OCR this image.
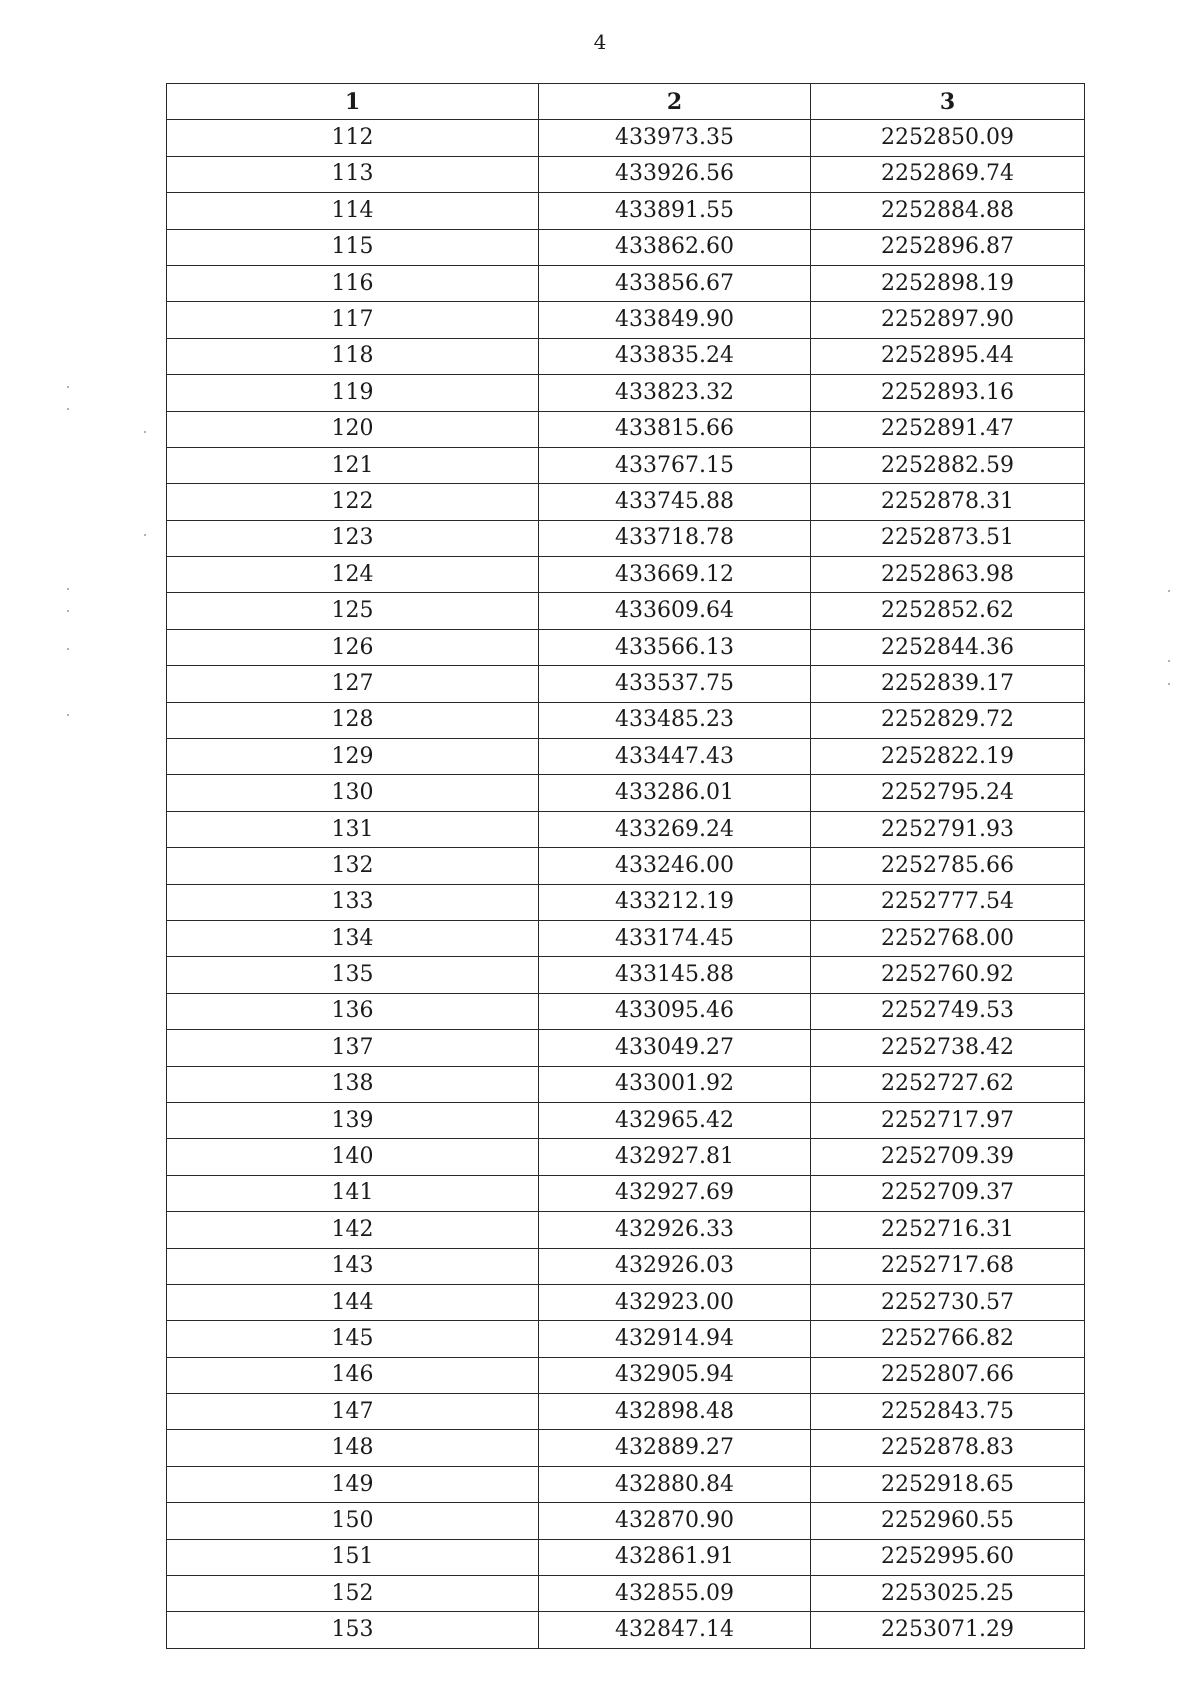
4
1	2	3
112	433973.35	2252850.09
113	433926.56	2252869.74
114	433891.55	2252884.88
115	433862.60	2252896.87
116	433856.67	2252898.19
117	433849.90	2252897.90
118	433835.24	2252895.44
119	433823.32	2252893.16
120	433815.66	2252891.47
121	433767.15	2252882.59
122	433745.88	2252878.31
123	433718.78	2252873.51
124	433669.12	2252863.98
125	433609.64	2252852.62
126	433566.13	2252844.36
127	433537.75	2252839.17
128	433485.23	2252829.72
129	433447.43	2252822.19
130	433286.01	2252795.24
131	433269.24	2252791.93
132	433246.00	2252785.66
133	433212.19	2252777.54
134	433174.45	2252768.00
135	433145.88	2252760.92
136	433095.46	2252749.53
137	433049.27	2252738.42
138	433001.92	2252727.62
139	432965.42	2252717.97
140	432927.81	2252709.39
141	432927.69	2252709.37
142	432926.33	2252716.31
143	432926.03	2252717.68
144	432923.00	2252730.57
145	432914.94	2252766.82
146	432905.94	2252807.66
147	432898.48	2252843.75
148	432889.27	2252878.83
149	432880.84	2252918.65
150	432870.90	2252960.55
151	432861.91	2252995.60
152	432855.09	2253025.25
153	432847.14	2253071.29
